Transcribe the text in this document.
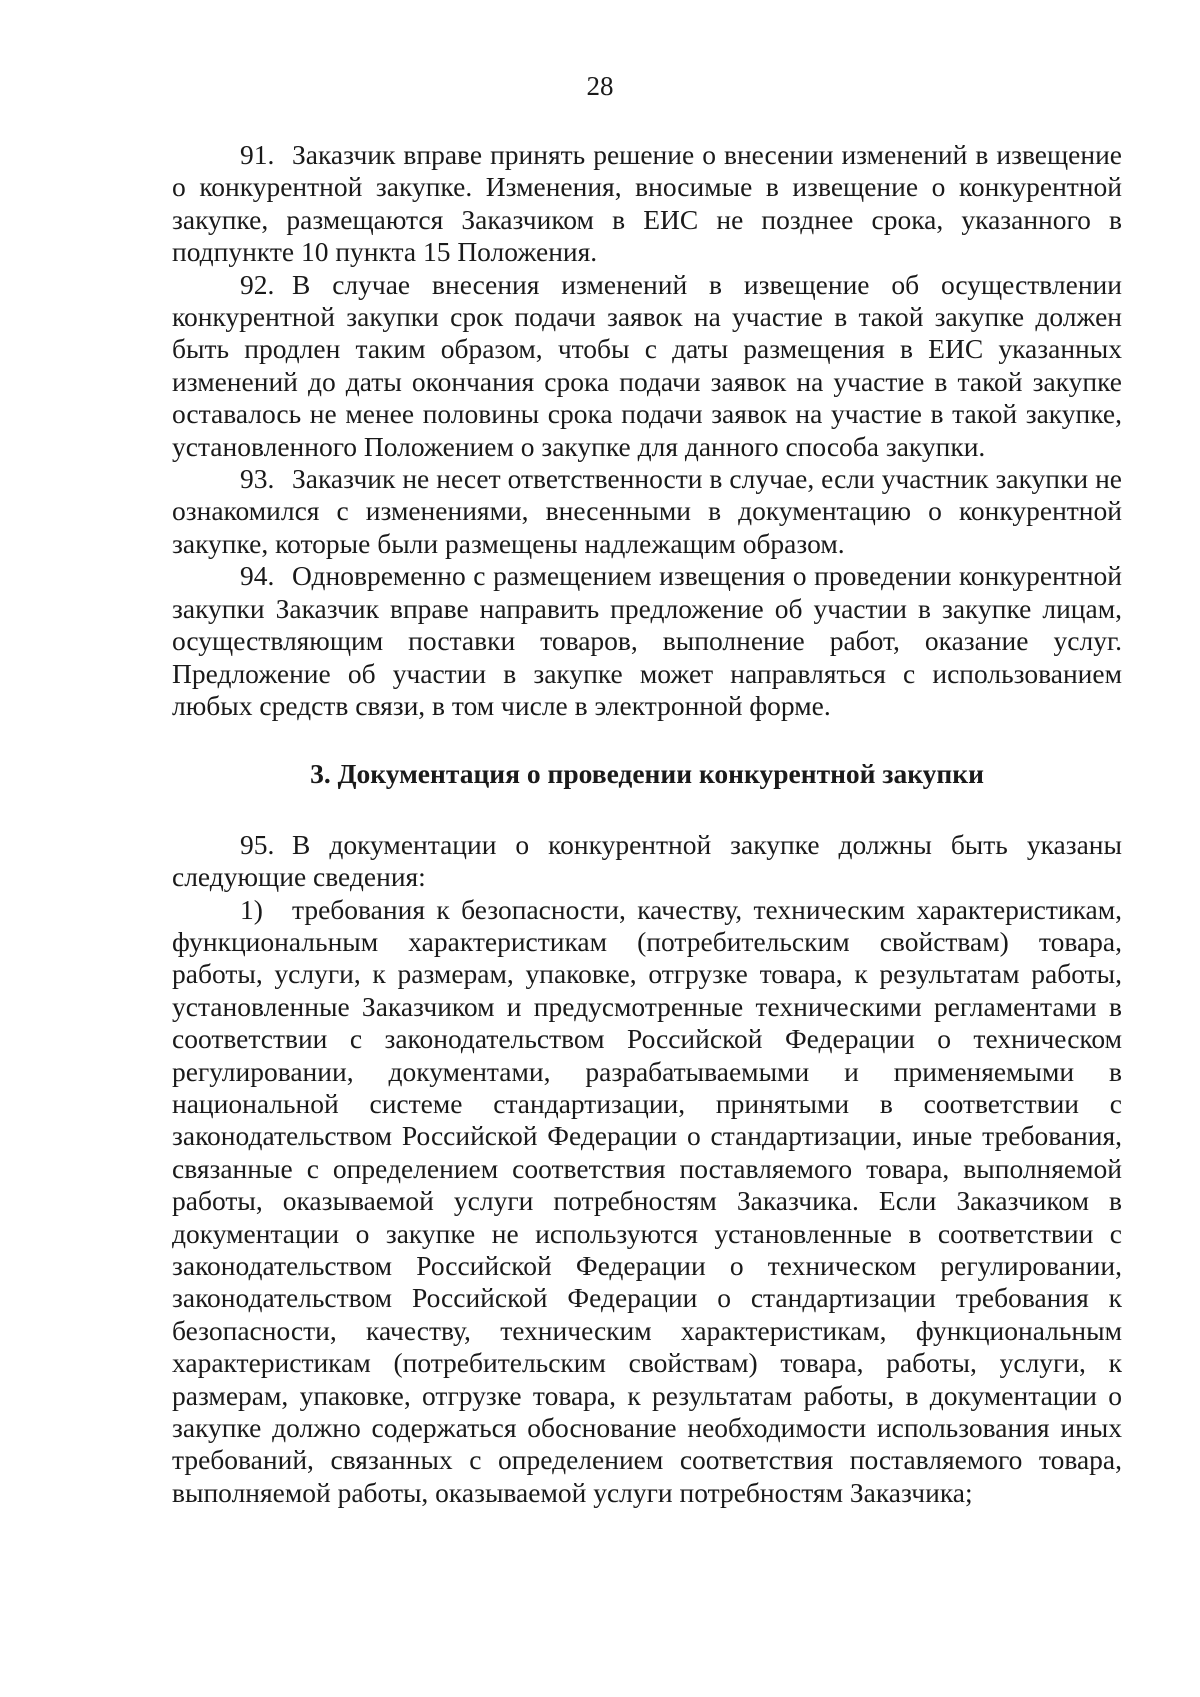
28

91. Заказчик вправе принять решение о внесении изменений в извещение о конкурентной закупке. Изменения, вносимые в извещение о конкурентной закупке, размещаются Заказчиком в ЕИС не позднее срока, указанного в подпункте 10 пункта 15 Положения.

92. В случае внесения изменений в извещение об осуществлении конкурентной закупки срок подачи заявок на участие в такой закупке должен быть продлен таким образом, чтобы с даты размещения в ЕИС указанных изменений до даты окончания срока подачи заявок на участие в такой закупке оставалось не менее половины срока подачи заявок на участие в такой закупке, установленного Положением о закупке для данного способа закупки.

93. Заказчик не несет ответственности в случае, если участник закупки не ознакомился с изменениями, внесенными в документацию о конкурентной закупке, которые были размещены надлежащим образом.

94. Одновременно с размещением извещения о проведении конкурентной закупки Заказчик вправе направить предложение об участии в закупке лицам, осуществляющим поставки товаров, выполнение работ, оказание услуг. Предложение об участии в закупке может направляться с использованием любых средств связи, в том числе в электронной форме.

3. Документация о проведении конкурентной закупки

95. В документации о конкурентной закупке должны быть указаны следующие сведения:

1) требования к безопасности, качеству, техническим характеристикам, функциональным характеристикам (потребительским свойствам) товара, работы, услуги, к размерам, упаковке, отгрузке товара, к результатам работы, установленные Заказчиком и предусмотренные техническими регламентами в соответствии с законодательством Российской Федерации о техническом регулировании, документами, разрабатываемыми и применяемыми в национальной системе стандартизации, принятыми в соответствии с законодательством Российской Федерации о стандартизации, иные требования, связанные с определением соответствия поставляемого товара, выполняемой работы, оказываемой услуги потребностям Заказчика. Если Заказчиком в документации о закупке не используются установленные в соответствии с законодательством Российской Федерации о техническом регулировании, законодательством Российской Федерации о стандартизации требования к безопасности, качеству, техническим характеристикам, функциональным характеристикам (потребительским свойствам) товара, работы, услуги, к размерам, упаковке, отгрузке товара, к результатам работы, в документации о закупке должно содержаться обоснование необходимости использования иных требований, связанных с определением соответствия поставляемого товара, выполняемой работы, оказываемой услуги потребностям Заказчика;
